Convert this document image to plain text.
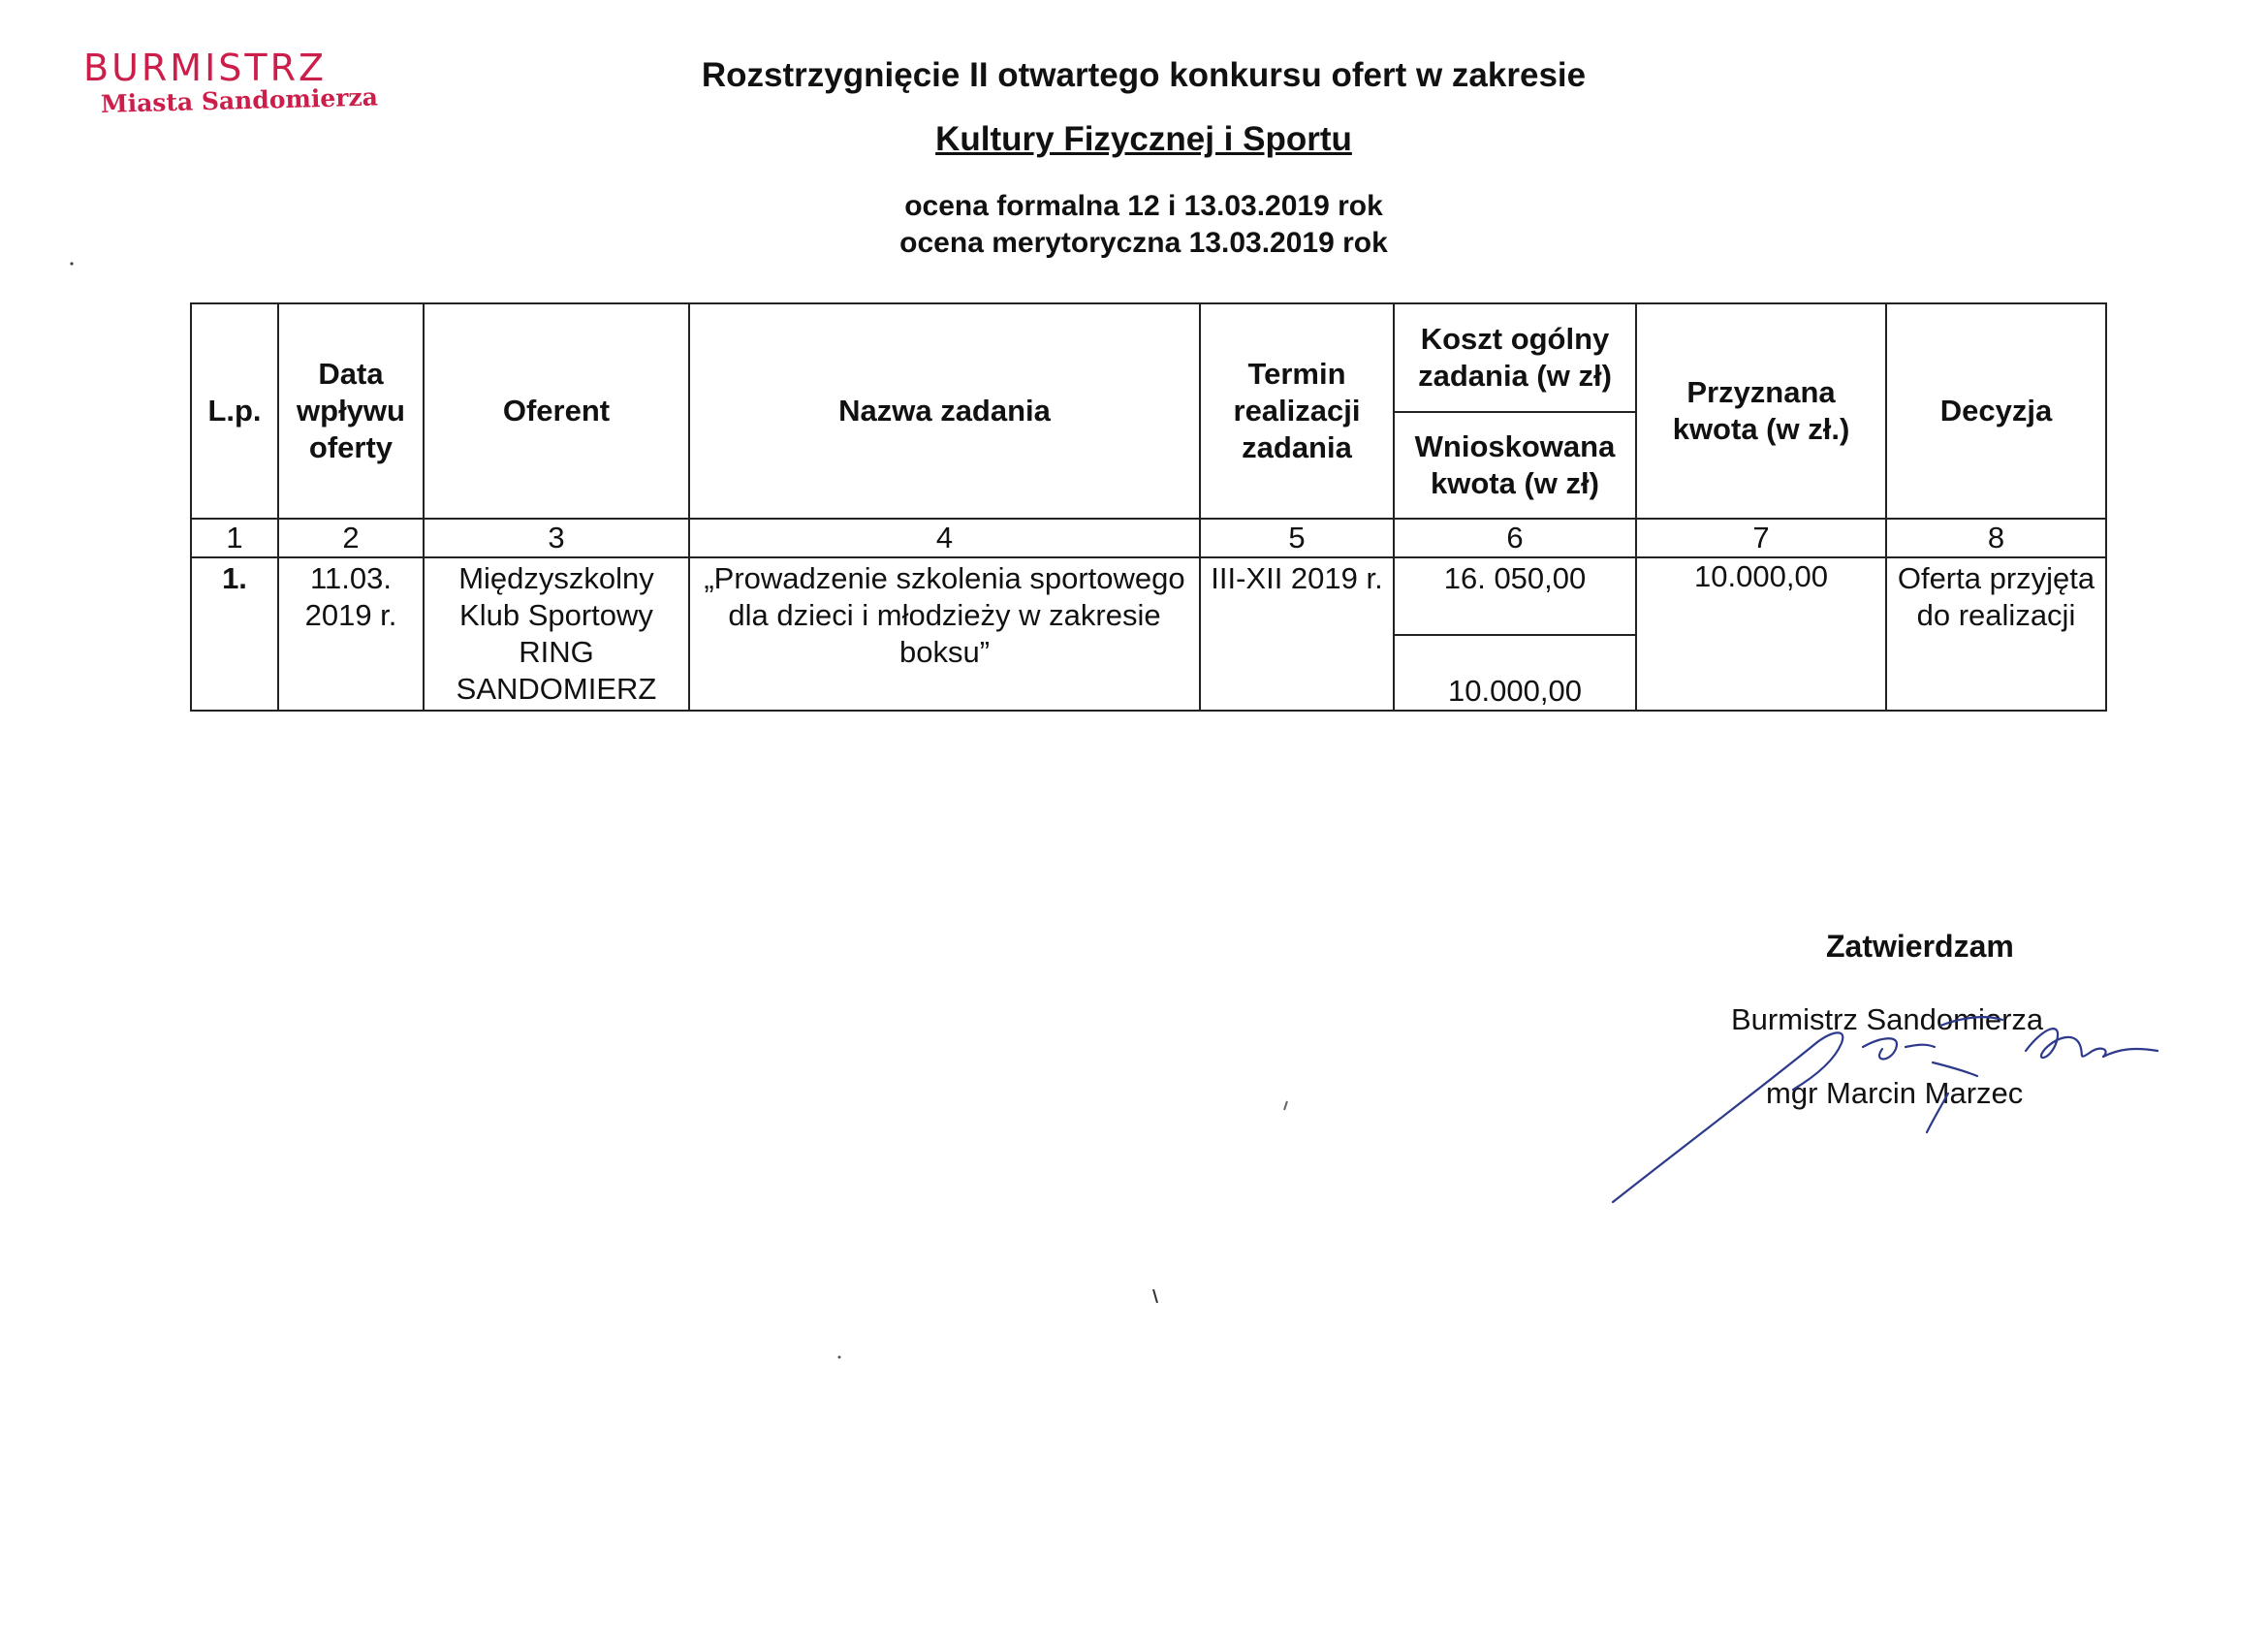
BURMISTRZ
Miasta Sandomierza
Rozstrzygnięcie II otwartego konkursu ofert w zakresie
Kultury Fizycznej i Sportu
ocena formalna 12 i 13.03.2019 rok
ocena merytoryczna 13.03.2019 rok
L.p.	Data wpływu oferty	Oferent	Nazwa zadania	Termin realizacji zadania	Koszt ogólny zadania (w zł)	Przyznana kwota (w zł.)	Decyzja
					Wnioskowana kwota (w zł)		
1	2	3	4	5	6	7	8
1.	11.03. 2019 r.	Międzyszkolny Klub Sportowy RING SANDOMIERZ	„Prowadzenie szkolenia sportowego dla dzieci i młodzieży w zakresie boksu”	III-XII 2019 r.	16. 050,00	10.000,00	Oferta przyjęta do realizacji
					10.000,00		
Zatwierdzam
Burmistrz Sandomierza
mgr Marcin Marzec
